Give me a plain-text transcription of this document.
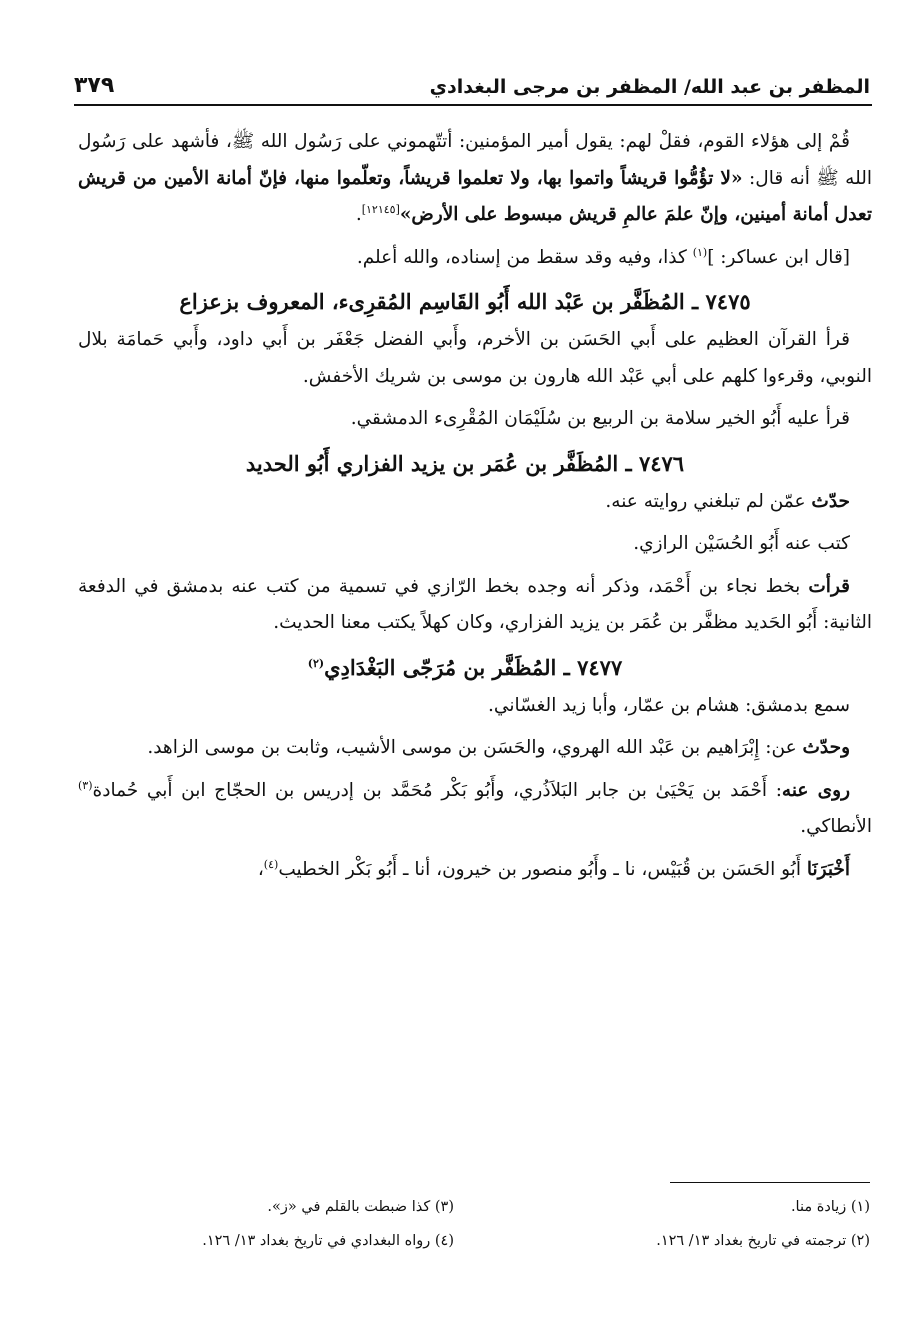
المظفر بن عبد الله/ المظفر بن مرجى البغدادي
٣٧٩

قُمْ إلى هؤلاء القوم، فقلْ لهم: يقول أمير المؤمنين: أتتّهموني على رَسُول الله ﷺ، فأشهد على رَسُول الله ﷺ أنه قال: «لا تؤُمُّوا قريشاً واتموا بها، ولا تعلموا قريشاً، وتعلّموا منها، فإنّ أمانة الأمين من قريش تعدل أمانة أمينين، وإنّ علمَ عالمِ قريش مبسوط على الأرض»[١٢١٤٥].

[قال ابن عساكر: ]$^{(١)}$ كذا، وفيه وقد سقط من إسناده، والله أعلم.

٧٤٧٥ ـ المُظَفَّر بن عَبْد الله أَبُو القَاسِم المُقرِىء، المعروف بزعزاع

قرأ القرآن العظيم على أَبي الحَسَن بن الأخرم، وأَبي الفضل جَعْفَر بن أَبي داود، وأَبي حَمامَة بلال النوبي، وقرءوا كلهم على أبي عَبْد الله هارون بن موسى بن شريك الأخفش.

قرأ عليه أَبُو الخير سلامة بن الربيع بن سُلَيْمَان المُقْرِىء الدمشقي.

٧٤٧٦ ـ المُظَفَّر بن عُمَر بن يزيد الفزاري أَبُو الحديد

حدّث عمّن لم تبلغني روايته عنه.

كتب عنه أَبُو الحُسَيْن الرازي.

قرأت بخط نجاء بن أَحْمَد، وذكر أنه وجده بخط الرّازي في تسمية من كتب عنه بدمشق في الدفعة الثانية: أَبُو الحَديد مظفَّر بن عُمَر بن يزيد الفزاري، وكان كهلاً يكتب معنا الحديث.

٧٤٧٧ ـ المُظَفَّر بن مُرَجّى البَغْدَادِي$^{(٢)}$

سمع بدمشق: هشام بن عمّار، وأبا زيد الغسّاني.

وحدّث عن: إِبْرَاهيم بن عَبْد الله الهروي، والحَسَن بن موسى الأشيب، وثابت بن موسى الزاهد.

روى عنه: أَحْمَد بن يَحْيَىٰ بن جابر البَلاَذُري، وأَبُو بَكْر مُحَمَّد بن إدريس بن الحجّاج ابن أَبي حُمادة$^{(٣)}$ الأنطاكي.

أَخْبَرَنَا أَبُو الحَسَن بن قُبَيْس، نا ـ وأَبُو منصور بن خيرون، أنا ـ أَبُو بَكْر الخطيب$^{(٤)}$،

(١) زيادة منا.
(٣) كذا ضبطت بالقلم في «ز».
(٢) ترجمته في تاريخ بغداد ١٣/ ١٢٦.
(٤) رواه البغدادي في تاريخ بغداد ١٣/ ١٢٦.
